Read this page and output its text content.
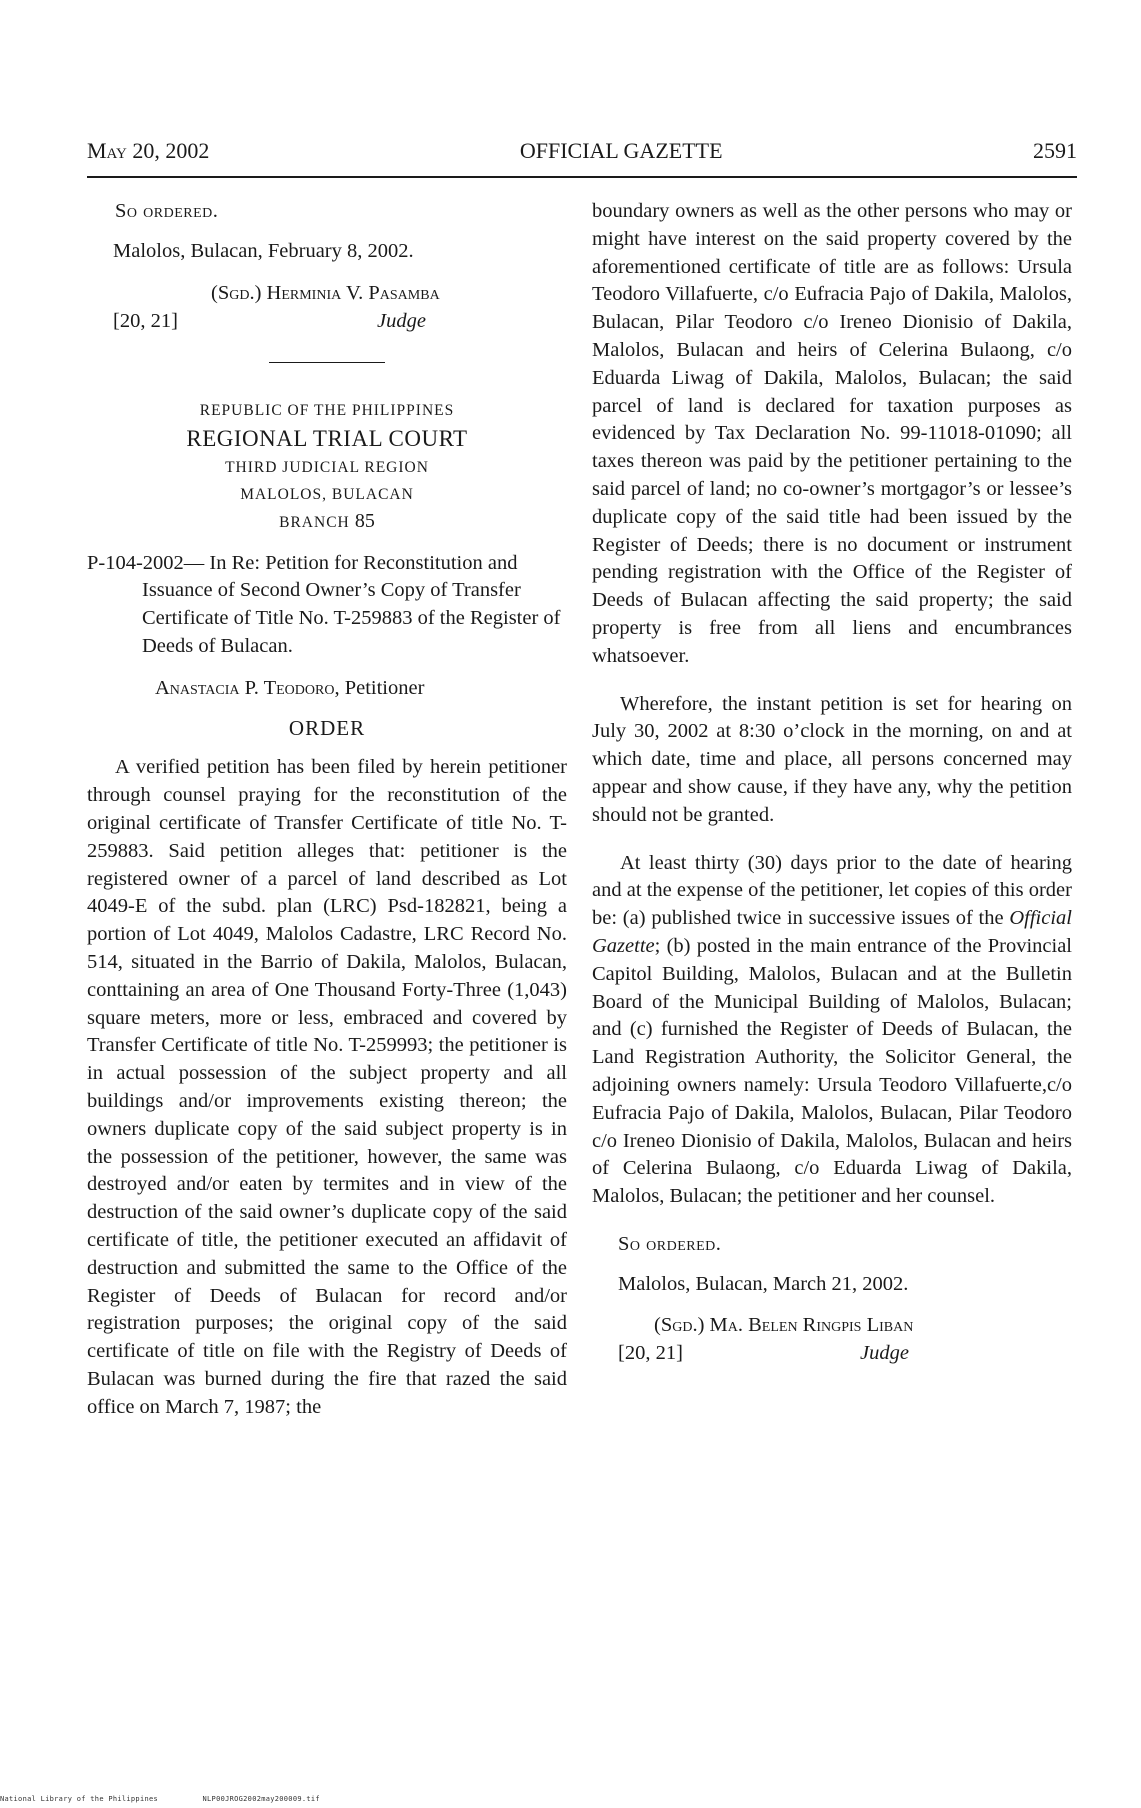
May 20, 2002	OFFICIAL GAZETTE	2591

So ordered.

Malolos, Bulacan, February 8, 2002.

(Sgd.) Herminia V. Pasamba
[20, 21]	Judge

REPUBLIC OF THE PHILIPPINES

REGIONAL TRIAL COURT

THIRD JUDICIAL REGION

MALOLOS, BULACAN

BRANCH 85

P-104-2002— In Re: Petition for Reconstitution and Issuance of Second Owner’s Copy of Transfer Certificate of Title No. T-259883 of the Register of Deeds of Bulacan.

Anastacia P. Teodoro, Petitioner

ORDER

A verified petition has been filed by herein petitioner through counsel praying for the reconstitution of the original certificate of Transfer Certificate of title No. T-259883. Said petition alleges that: petitioner is the registered owner of a parcel of land described as Lot 4049-E of the subd. plan (LRC) Psd-182821, being a portion of Lot 4049, Malolos Cadastre, LRC Record No. 514, situated in the Barrio of Dakila, Malolos, Bulacan, conttaining an area of One Thousand Forty-Three (1,043) square meters, more or less, embraced and covered by Transfer Certificate of title No. T-259993; the petitioner is in actual possession of the subject property and all buildings and/or improvements existing thereon; the owners duplicate copy of the said subject property is in the possession of the petitioner, however, the same was destroyed and/or eaten by termites and in view of the destruction of the said owner’s duplicate copy of the said certificate of title, the petitioner executed an affidavit of destruction and submitted the same to the Office of the Register of Deeds of Bulacan for record and/or registration purposes; the original copy of the said certificate of title on file with the Registry of Deeds of Bulacan was burned during the fire that razed the said office on March 7, 1987; the

boundary owners as well as the other persons who may or might have interest on the said property covered by the aforementioned certificate of title are as follows: Ursula Teodoro Villafuerte, c/o Eufracia Pajo of Dakila, Malolos, Bulacan, Pilar Teodoro c/o Ireneo Dionisio of Dakila, Malolos, Bulacan and heirs of Celerina Bulaong, c/o Eduarda Liwag of Dakila, Malolos, Bulacan; the said parcel of land is declared for taxation purposes as evidenced by Tax Declaration No. 99-11018-01090; all taxes thereon was paid by the petitioner pertaining to the said parcel of land; no co-owner’s mortgagor’s or lessee’s duplicate copy of the said title had been issued by the Register of Deeds; there is no document or instrument pending registration with the Office of the Register of Deeds of Bulacan affecting the said property; the said property is free from all liens and encumbrances whatsoever.

Wherefore, the instant petition is set for hearing on July 30, 2002 at 8:30 o’clock in the morning, on and at which date, time and place, all persons concerned may appear and show cause, if they have any, why the petition should not be granted.

At least thirty (30) days prior to the date of hearing and at the expense of the petitioner, let copies of this order be: (a) published twice in successive issues of the Official Gazette; (b) posted in the main entrance of the Provincial Capitol Building, Malolos, Bulacan and at the Bulletin Board of the Municipal Building of Malolos, Bulacan; and (c) furnished the Register of Deeds of Bulacan, the Land Registration Authority, the Solicitor General, the adjoining owners namely: Ursula Teodoro Villafuerte,c/o Eufracia Pajo of Dakila, Malolos, Bulacan, Pilar Teodoro c/o Ireneo Dionisio of Dakila, Malolos, Bulacan and heirs of Celerina Bulaong, c/o Eduarda Liwag of Dakila, Malolos, Bulacan; the petitioner and her counsel.

So ordered.

Malolos, Bulacan, March 21, 2002.

(Sgd.) Ma. Belen Ringpis Liban
[20, 21]	Judge
National Library of the Philippines	NLP00JROG2002may200009.tif
